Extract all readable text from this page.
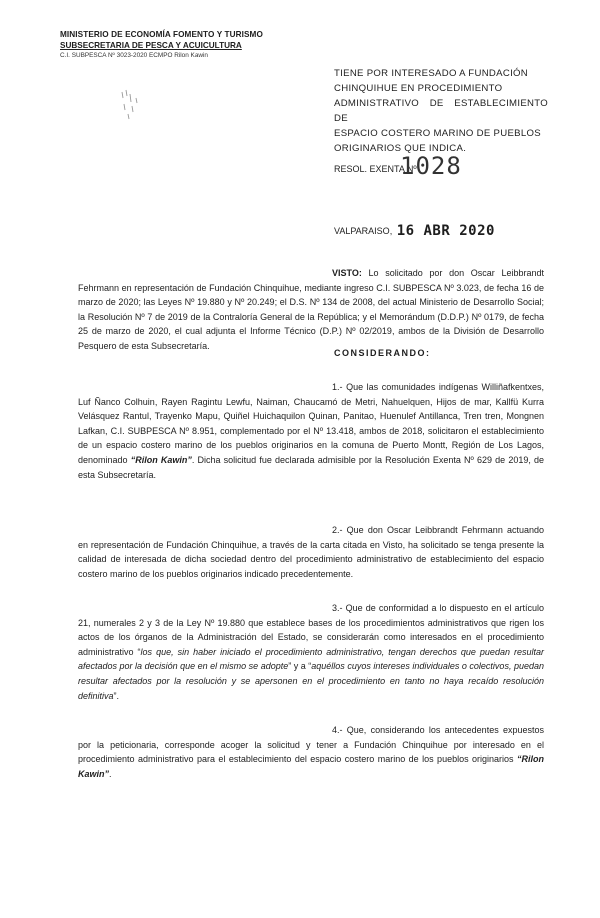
MINISTERIO DE ECONOMÍA FOMENTO Y TURISMO
SUBSECRETARIA DE PESCA Y ACUICULTURA
C.I. SUBPESCA Nº 3023-2020 ECMPO Rilon Kawin
TIENE POR INTERESADO A FUNDACIÓN
CHINQUIHUE EN PROCEDIMIENTO
ADMINISTRATIVO DE ESTABLECIMIENTO DE
ESPACIO COSTERO MARINO DE PUEBLOS
ORIGINARIOS QUE INDICA.
RESOL. EXENTA Nº
1028
VALPARAISO, 16 ABR 2020
VISTO: Lo solicitado por don Oscar Leibbrandt Fehrmann en representación de Fundación Chinquihue, mediante ingreso C.I. SUBPESCA Nº 3.023, de fecha 16 de marzo de 2020; las Leyes Nº 19.880 y Nº 20.249; el D.S. Nº 134 de 2008, del actual Ministerio de Desarrollo Social; la Resolución Nº 7 de 2019 de la Contraloría General de la República; y el Memorándum (D.D.P.) Nº 0179, de fecha 25 de marzo de 2020, el cual adjunta el Informe Técnico (D.P.) Nº 02/2019, ambos de la División de Desarrollo Pesquero de esta Subsecretaría.
CONSIDERANDO:
1.- Que las comunidades indígenas Williñafkentxes, Luf Ñanco Colhuin, Rayen Ragintu Lewfu, Naiman, Chaucamó de Metri, Nahuelquen, Hijos de mar, Kallfü Kurra Velásquez Rantul, Trayenko Mapu, Quiñel Huichaquilon Quinan, Panitao, Huenulef Antillanca, Tren tren, Mongnen Lafkan, C.I. SUBPESCA Nº 8.951, complementado por el Nº 13.418, ambos de 2018, solicitaron el establecimiento de un espacio costero marino de los pueblos originarios en la comuna de Puerto Montt, Región de Los Lagos, denominado “Rilon Kawin”. Dicha solicitud fue declarada admisible por la Resolución Exenta Nº 629 de 2019, de esta Subsecretaría.
2.- Que don Oscar Leibbrandt Fehrmann actuando en representación de Fundación Chinquihue, a través de la carta citada en Visto, ha solicitado se tenga presente la calidad de interesada de dicha sociedad dentro del procedimiento administrativo de establecimiento del espacio costero marino de los pueblos originarios indicado precedentemente.
3.- Que de conformidad a lo dispuesto en el artículo 21, numerales 2 y 3 de la Ley Nº 19.880 que establece bases de los procedimientos administrativos que rigen los actos de los órganos de la Administración del Estado, se considerarán como interesados en el procedimiento administrativo “los que, sin haber iniciado el procedimiento administrativo, tengan derechos que puedan resultar afectados por la decisión que en el mismo se adopte” y a “aquéllos cuyos intereses individuales o colectivos, puedan resultar afectados por la resolución y se apersonen en el procedimiento en tanto no haya recaído resolución definitiva”.
4.- Que, considerando los antecedentes expuestos por la peticionaria, corresponde acoger la solicitud y tener a Fundación Chinquihue por interesado en el procedimiento administrativo para el establecimiento del espacio costero marino de los pueblos originarios “Rilon Kawin”.
